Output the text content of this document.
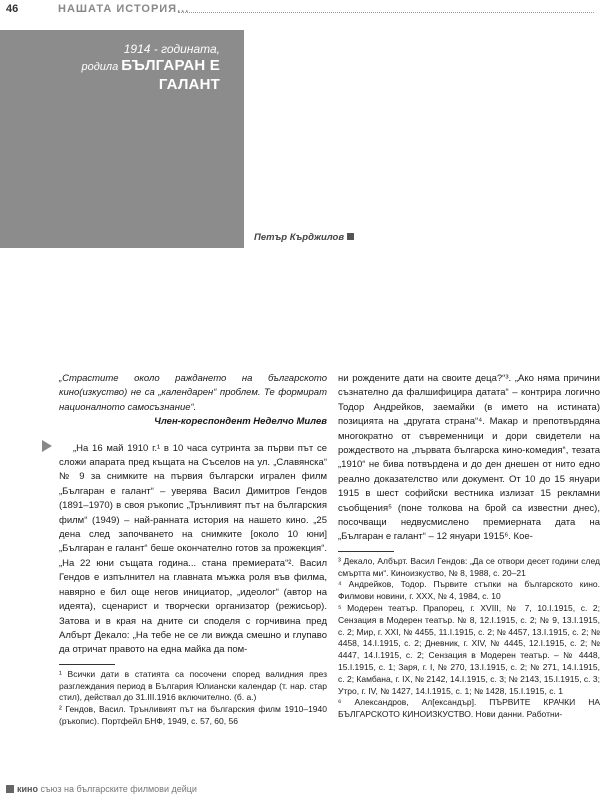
46	НАШАТА ИСТОРИЯ...
1914 - годината,
родила БЪЛГАРАН Е ГАЛАНТ
Петър Кърджилов

„Страстите около раждането на българското кино(изкуство) не са „календарен“ проблем. Те формират националното самосъзнание“.

Член-кореспондент Неделчо Милев

„На 16 май 1910 г.¹ в 10 часа сутринта за първи път се сложи апарата пред къщата на Съселов на ул. „Славянска“ № 9 за снимките на първия български игрален филм „Българан е галант“ – уверява Васил Димитров Гендов (1891–1970) в своя ръкопис „Трънливият път на българския филм“ (1949) – най-ранната история на нашето кино. „25 дена след започването на снимките [около 10 юни] „Българан е галант“ беше окончателно готов за прожекция“. „На 22 юни същата година... стана премиерата“². Васил Гендов е изпълнител на главната мъжка роля във филма, навярно е бил още негов инициатор, „идеолог“ (автор на идеята), сценарист и творчески организатор (режисьор). Затова и в края на дните си споделя с горчивина пред Албърт Декало: „На тебе не се ли вижда смешно и глупаво да отричат правото на една майка да пом-

¹ Всички дати в статията са посочени според валидния през разглеждания период в България Юлиански календар (т. нар. стар стил), действал до 31.III.1916 включително. (б. а.)

² Гендов, Васил. Трънливият път на българския филм 1910–1940 (ръкопис). Портфейл БНФ, 1949, с. 57, 60, 56

ни рождените дати на своите деца?“³. „Ако няма причини съзнателно да фалшифицира датата“ – контрира логично Тодор Андрейков, заемайки (в името на истината) позицията на „другата страна“⁴. Макар и препотвърдяна многократно от съвременници и дори свидетели на рождеството на „първата българска кино-комедия“, тезата „1910“ не бива потвърдена и до ден днешен от нито едно реално доказателство или документ. От 10 до 15 януари 1915 в шест софийски вестника излизат 15 рекламни съобщения⁵ (поне толкова на брой са известни днес), посочващи недвусмислено премиерната дата на „Българан е галант“ – 12 януари 1915⁶. Кое-

³ Декало, Албърт. Васил Гендов: „Да се отвори десет години след смъртта ми“. Киноизкуство, № 8, 1988, с. 20–21

⁴ Андрейков, Тодор. Първите стъпки на българското кино. Филмови новини, г. XXX, № 4, 1984, с. 10

⁵ Модерен театър. Прапорец, г. XVIII, № 7, 10.I.1915, с. 2; Сензация в Модерен театър. № 8, 12.I.1915, с. 2; № 9, 13.I.1915, с. 2; Мир, г. XXI, № 4455, 11.I.1915, с. 2; № 4457, 13.I.1915, с. 2; № 4458, 14.I.1915, с. 2; Дневник, г. XIV, № 4445, 12.I.1915, с. 2; № 4447, 14.I.1915, с. 2; Сензация в Модерен театър. – № 4448, 15.I.1915, с. 1; Заря, г. I, № 270, 13.I.1915, с. 2; № 271, 14.I.1915, с. 2; Камбана, г. IX, № 2142, 14.I.1915, с. 3; № 2143, 15.I.1915, с. 3; Утро, г. IV, № 1427, 14.I.1915, с. 1; № 1428, 15.I.1915, с. 1

⁶ Александров, Ал[ександър]. ПЪРВИТЕ КРАЧКИ НА БЪЛГАРСКОТО КИНОИЗКУСТВО. Нови данни. Работни-

кино съюз на българските филмови дейци
